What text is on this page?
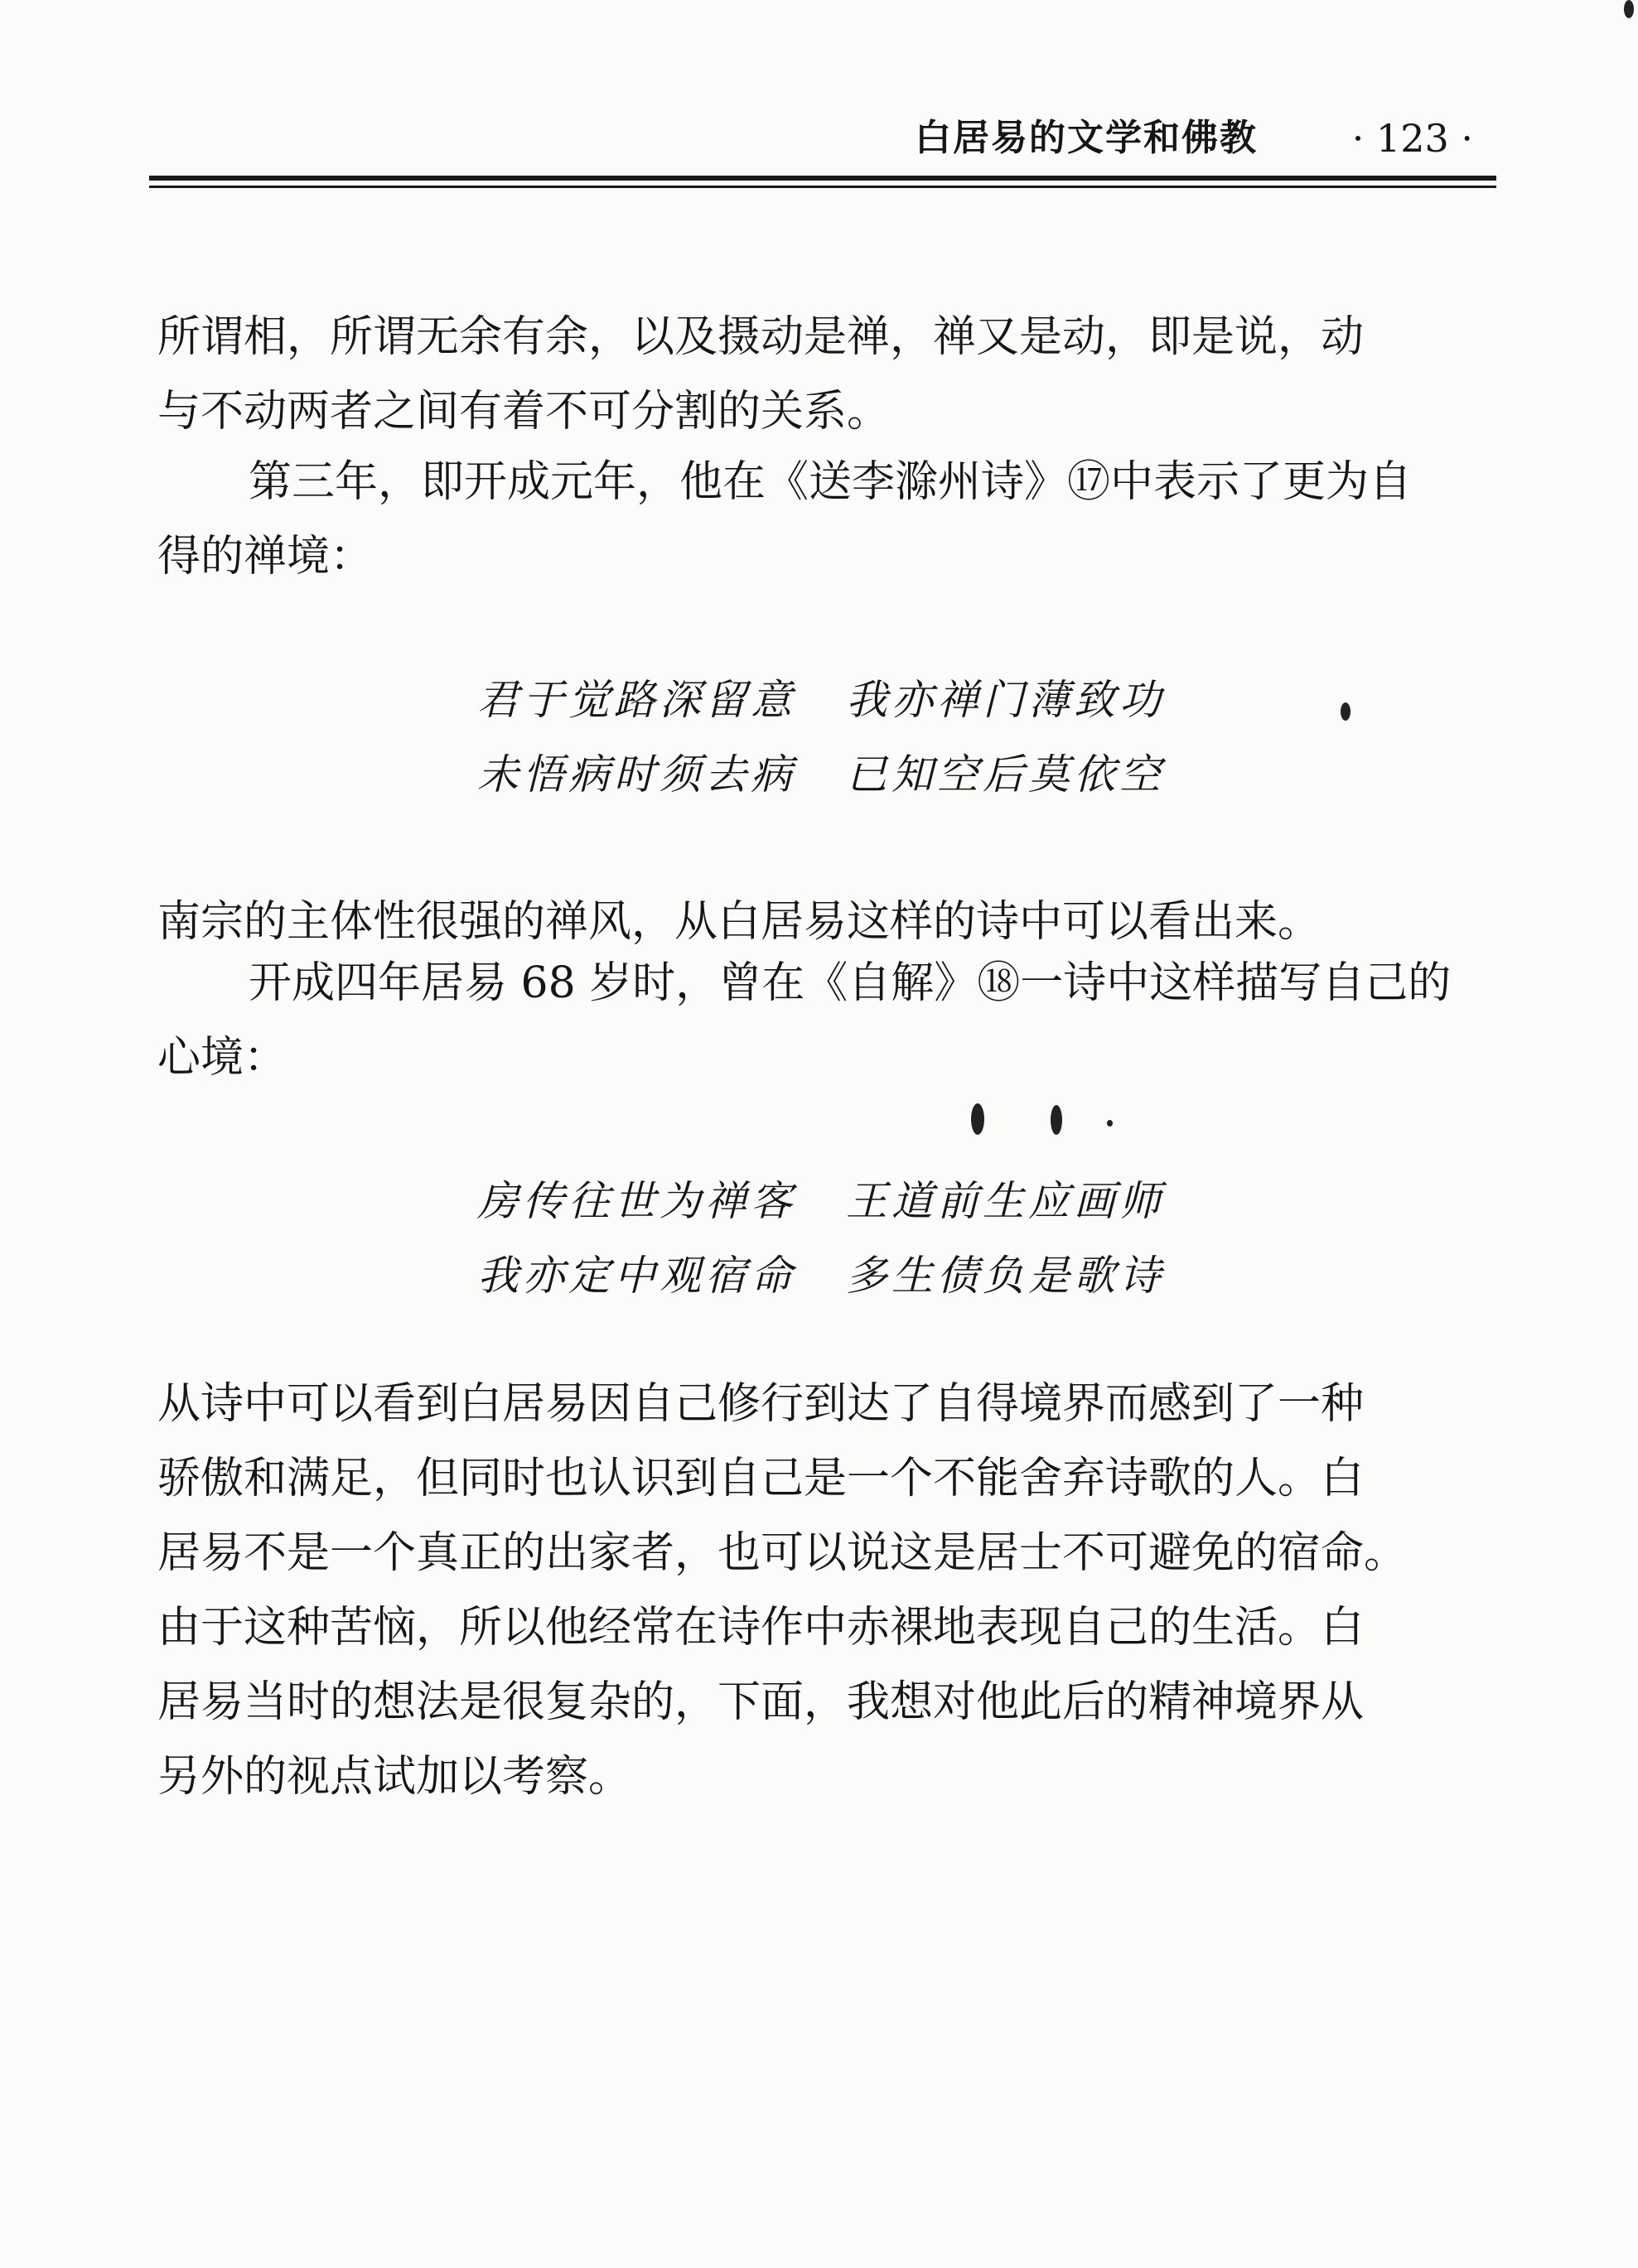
白居易的文学和佛教 · 123 ·
所谓相，所谓无余有余，以及摄动是禅，禅又是动，即是说，动
与不动两者之间有着不可分割的关系。
第三年，即开成元年，他在《送李滁州诗》⑰中表示了更为自
得的禅境：
君于觉路深留意 我亦禅门薄致功
未悟病时须去病 已知空后莫依空
南宗的主体性很强的禅风，从白居易这样的诗中可以看出来。
开成四年居易 68 岁时，曾在《自解》⑱一诗中这样描写自己的
心境：
房传往世为禅客 王道前生应画师
我亦定中观宿命 多生债负是歌诗
从诗中可以看到白居易因自己修行到达了自得境界而感到了一种
骄傲和满足，但同时也认识到自己是一个不能舍弃诗歌的人。白
居易不是一个真正的出家者，也可以说这是居士不可避免的宿命。
由于这种苦恼，所以他经常在诗作中赤裸地表现自己的生活。白
居易当时的想法是很复杂的，下面，我想对他此后的精神境界从
另外的视点试加以考察。
